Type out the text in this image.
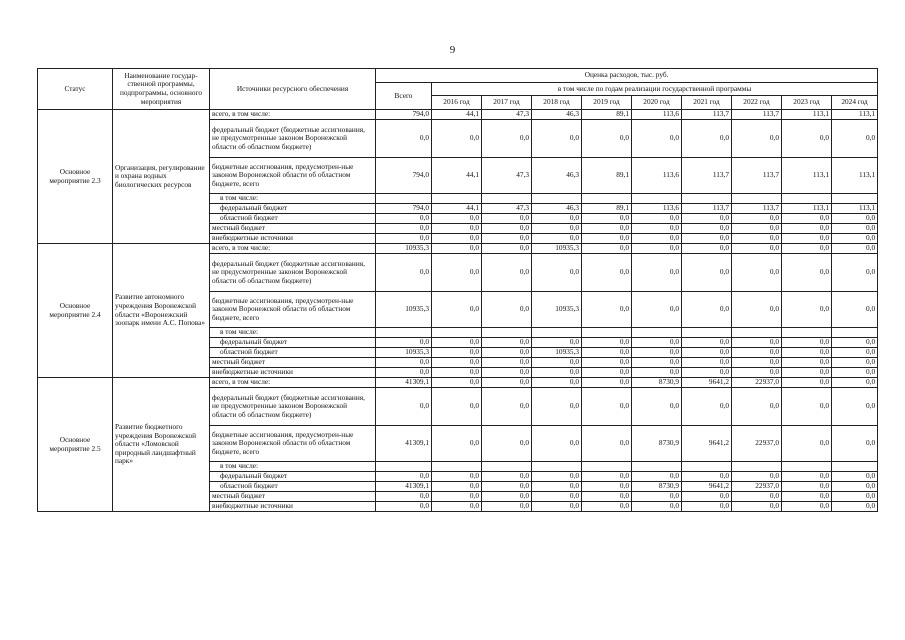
9
Статус	Наименование государ-ственной программы, подпрограммы, основного мероприятия	Источники ресурсного обеспечения	Оценка расходов, тыс. руб.									
			Всего	в том числе по годам реализации государственной программы								
				2016 год	2017 год	2018 год	2019 год	2020 год	2021 год	2022 год	2023 год	2024 год
Основное мероприятие 2.3	Организация, регулирование и охрана водных биологических ресурсов	всего, в том числе:	794,0	44,1	47,3	46,3	89,1	113,6	113,7	113,7	113,1	113,1
		федеральный бюджет (бюджетные ассигнования, не предусмотренные законом Воронежской области об областном бюджете)	0,0	0,0	0,0	0,0	0,0	0,0	0,0	0,0	0,0	0,0
		бюджетные ассигнования, предусмотрен-ные законом Воронежской области об областном бюджете, всего	794,0	44,1	47,3	46,3	89,1	113,6	113,7	113,7	113,1	113,1
		в том числе:										
		федеральный бюджет	794,0	44,1	47,3	46,3	89,1	113,6	113,7	113,7	113,1	113,1
		областной бюджет	0,0	0,0	0,0	0,0	0,0	0,0	0,0	0,0	0,0	0,0
		местный бюджет	0,0	0,0	0,0	0,0	0,0	0,0	0,0	0,0	0,0	0,0
		внебюджетные источники	0,0	0,0	0,0	0,0	0,0	0,0	0,0	0,0	0,0	0,0
Основное мероприятие 2.4	Развитие автономного учреждения Воронежской области «Воронежский зоопарк имени А.С. Попова»	всего, в том числе:	10935,3	0,0	0,0	10935,3	0,0	0,0	0,0	0,0	0,0	0,0
		федеральный бюджет (бюджетные ассигнования, не предусмотренные законом Воронежской области об областном бюджете)	0,0	0,0	0,0	0,0	0,0	0,0	0,0	0,0	0,0	0,0
		бюджетные ассигнования, предусмотрен-ные законом Воронежской области об областном бюджете, всего	10935,3	0,0	0,0	10935,3	0,0	0,0	0,0	0,0	0,0	0,0
		в том числе:										
		федеральный бюджет	0,0	0,0	0,0	0,0	0,0	0,0	0,0	0,0	0,0	0,0
		областной бюджет	10935,3	0,0	0,0	10935,3	0,0	0,0	0,0	0,0	0,0	0,0
		местный бюджет	0,0	0,0	0,0	0,0	0,0	0,0	0,0	0,0	0,0	0,0
		внебюджетные источники	0,0	0,0	0,0	0,0	0,0	0,0	0,0	0,0	0,0	0,0
Основное мероприятие 2.5	Развитие бюджетного учреждения Воронежской области «Ломовской природный ландшафтный парк»	всего, в том числе:	41309,1	0,0	0,0	0,0	0,0	8730,9	9641,2	22937,0	0,0	0,0
		федеральный бюджет (бюджетные ассигнования, не предусмотренные законом Воронежской области об областном бюджете)	0,0	0,0	0,0	0,0	0,0	0,0	0,0	0,0	0,0	0,0
		бюджетные ассигнования, предусмотрен-ные законом Воронежской области об областном бюджете, всего	41309,1	0,0	0,0	0,0	0,0	8730,9	9641,2	22937,0	0,0	0,0
		в том числе:										
		федеральный бюджет	0,0	0,0	0,0	0,0	0,0	0,0	0,0	0,0	0,0	0,0
		областной бюджет	41309,1	0,0	0,0	0,0	0,0	8730,9	9641,2	22937,0	0,0	0,0
		местный бюджет	0,0	0,0	0,0	0,0	0,0	0,0	0,0	0,0	0,0	0,0
		внебюджетные источники	0,0	0,0	0,0	0,0	0,0	0,0	0,0	0,0	0,0	0,0
